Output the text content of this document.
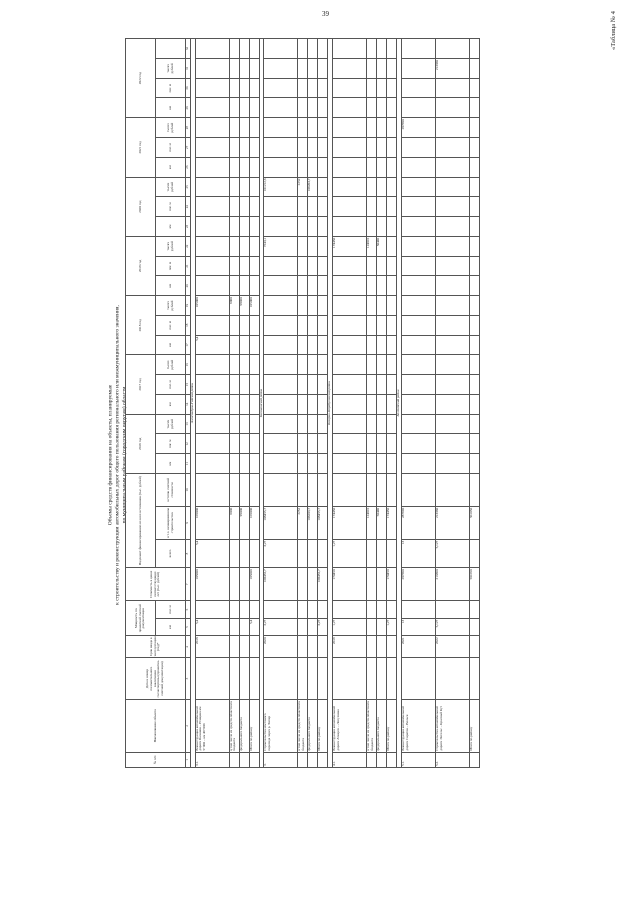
39	«Таблица № 4
Объемы средств финансирования на объекты, планируемые к строительству и реконструкции автомобильных дорог общего пользования регионального или межмуниципального значения, по муниципальным районам (городским округам) области
№ п/п	Наименование объекта	Дата и номер положительного заключения госэкспертизы (проектно-сметной документации)	Срок ввода в эксплуатацию (год)*	Мощность по проектной сметной документации		Стоимость в ценах соответствующих лет (тыс. рублей)	Подлежит финансированию из всех источников (тыс. рублей)			2016 год			2017 год			2018 год			2019 год			2020 год			2021 год			2022 год			
				км	пог. м		всего	в т.ч. незавершенное строительство	остаток сметной стоимости	км	пог. м	тысяч рублей	км	пог. м	тысяч рублей	км	пог. м	тысяч рублей	км	пог. м	тысяч рублей	км	пог. м	тысяч рублей	км	пог. м	тысяч рублей	км	пог. м	тысяч рублей	
1	2	3	4	5	6	7	8	9	10	11	12	13	14	15	16	17	18	19	20	21	22	23	24	25	26	27	28	29	30	31	32
Александров-Гайский район																															
3.1.	Реконструкция автомобильной дороги Балашов – Ртищево км 5+000 – км 40+000		2018	5,4		105000	5,4	105000								5,4		105000													
	в том числе из средств областного бюджета							6000										6000													
	федерального бюджета							99000										99000													
	Итого по району			5,4		105000		105000										105000													
Балашовский район																															
3.	Строительство мостового перехода через р. Хопер		2020	3,27		108455,7	3,27	108455,7													7243,1			101212,6							
	в том числе из средств областного бюджета							2252																2252							
	федерального бюджета							106203,7																106203,7							
	Итого по району			3,27		108455,7		108455,7																							
Базарно-Карабулакский район																															
4.1.	Реконструкция автомобильной дороги Аткарск – Лопуховка		2019	1,27		174450	1,27	174450													174450										
	в том числе из средств областного бюджета							124010													124010										
	федерального бюджета							50440													50440										
	Итого по району			1,27		174450		174450																							
Балтайский район																															
5.1.	Реконструкция автомобильной дороги Саратов – Вольск		2021	13		287690	13	287690																			287690				
5.2.	Строительство автомобильной дороги Энгельс – Красный Кут		2022	5,127		213360	5,127	213360																						213360	
	Итого по району					501050		501050																							
